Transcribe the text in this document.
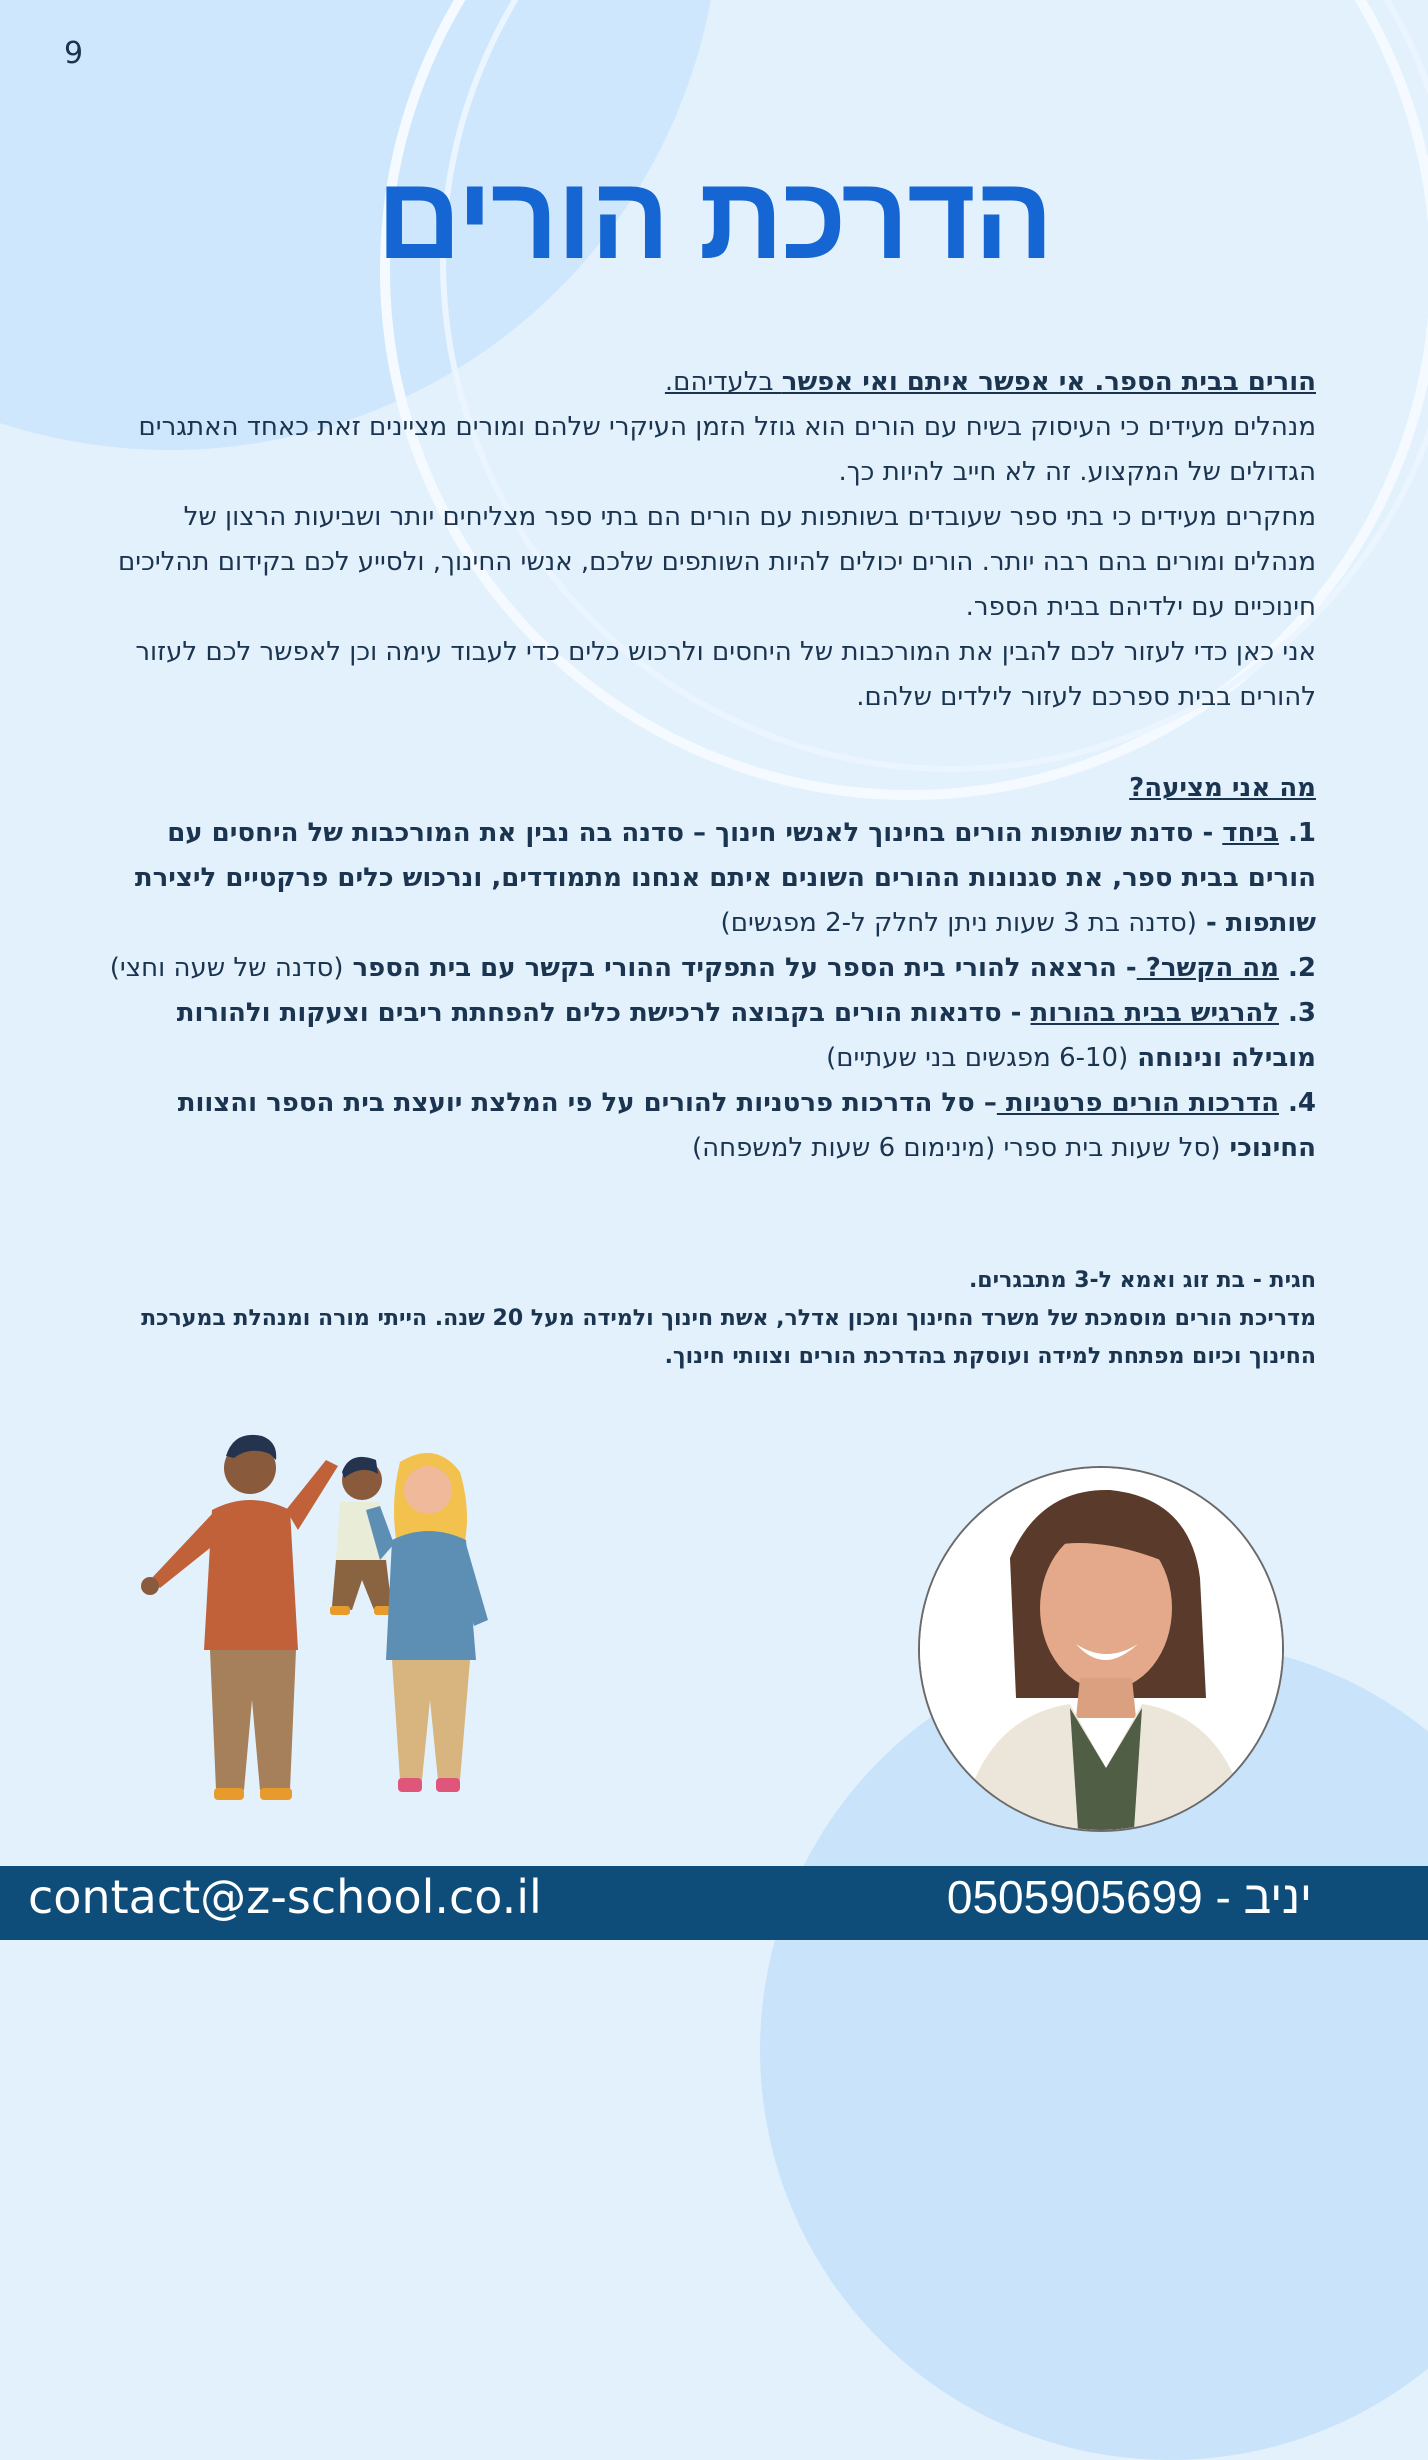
9
הדרכת הורים

הורים בבית הספר. אי אפשר איתם ואי אפשר בלעדיהם.

מנהלים מעידים כי העיסוק בשיח עם הורים הוא גוזל הזמן העיקרי שלהם ומורים מציינים זאת כאחד האתגרים הגדולים של המקצוע. זה לא חייב להיות כך.

מחקרים מעידים כי בתי ספר שעובדים בשותפות עם הורים הם בתי ספר מצליחים יותר ושביעות הרצון של מנהלים ומורים בהם רבה יותר. הורים יכולים להיות השותפים שלכם, אנשי החינוך, ולסייע לכם בקידום תהליכים חינוכיים עם ילדיהם בבית הספר.

אני כאן כדי לעזור לכם להבין את המורכבות של היחסים ולרכוש כלים כדי לעבוד עימה וכן לאפשר לכם לעזור להורים בבית ספרכם לעזור לילדים שלהם.

מה אני מציעה?

1. ביחד - סדנת שותפות הורים בחינוך לאנשי חינוך – סדנה בה נבין את המורכבות של היחסים עם הורים בבית ספר, את סגנונות ההורים השונים איתם אנחנו מתמודדים, ונרכוש כלים פרקטיים ליצירת שותפות - (סדנה בת 3 שעות ניתן לחלק ל-2 מפגשים)

2. מה הקשר? - הרצאה להורי בית הספר על התפקיד ההורי בקשר עם בית הספר (סדנה של שעה וחצי)

3. להרגיש בבית בהורות - סדנאות הורים בקבוצה לרכישת כלים להפחתת ריבים וצעקות ולהורות מובילה ונינוחה (6-10 מפגשים בני שעתיים)

4. הדרכות הורים פרטניות – סל הדרכות פרטניות להורים על פי המלצת יועצת בית הספר והצוות החינוכי (סל שעות בית ספרי (מינימום 6 שעות למשפחה)

חגית - בת זוג ואמא ל-3 מתבגרים.

מדריכת הורים מוסמכת של משרד החינוך ומכון אדלר, אשת חינוך ולמידה מעל 20 שנה. הייתי מורה ומנהלת במערכת החינוך וכיום מפתחת למידה ועוסקת בהדרכת הורים וצוותי חינוך.

contact@z-school.co.il	יניב - 0505905699
